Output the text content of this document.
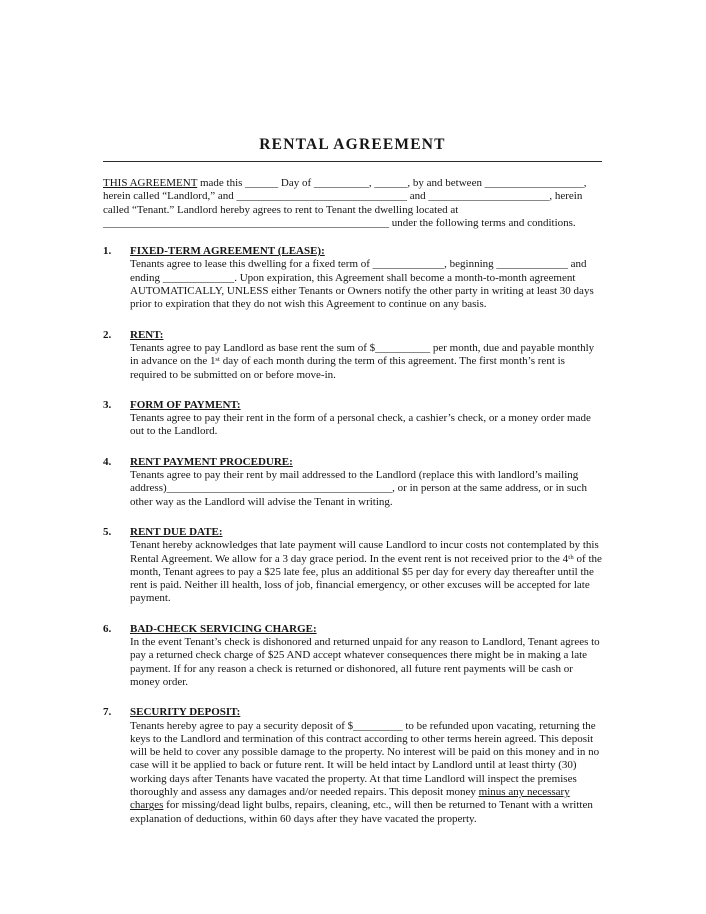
RENTAL AGREEMENT

THIS AGREEMENT made this ______ Day of __________, ______, by and between __________________, herein called “Landlord,” and _______________________________ and ______________________, herein called “Tenant.” Landlord hereby agrees to rent to Tenant the dwelling located at ____________________________________________________ under the following terms and conditions.

1.	FIXED-TERM AGREEMENT (LEASE):

Tenants agree to lease this dwelling for a fixed term of _____________, beginning _____________ and ending _____________. Upon expiration, this Agreement shall become a month-to-month agreement AUTOMATICALLY, UNLESS either Tenants or Owners notify the other party in writing at least 30 days prior to expiration that they do not wish this Agreement to continue on any basis.

2.	RENT:

Tenants agree to pay Landlord as base rent the sum of $__________ per month, due and payable monthly in advance on the 1ˢᵗ day of each month during the term of this agreement. The first month’s rent is required to be submitted on or before move-in.

3.	FORM OF PAYMENT:

Tenants agree to pay their rent in the form of a personal check, a cashier’s check, or a money order made out to the Landlord.

4.	RENT PAYMENT PROCEDURE:

Tenants agree to pay their rent by mail addressed to the Landlord (replace this with landlord’s mailing address)_________________________________________, or in person at the same address, or in such other way as the Landlord will advise the Tenant in writing.

5.	RENT DUE DATE:

Tenant hereby acknowledges that late payment will cause Landlord to incur costs not contemplated by this Rental Agreement. We allow for a 3 day grace period. In the event rent is not received prior to the 4ᵗʰ of the month, Tenant agrees to pay a $25 late fee, plus an additional $5 per day for every day thereafter until the rent is paid. Neither ill health, loss of job, financial emergency, or other excuses will be accepted for late payment.

6.	BAD-CHECK SERVICING CHARGE:

In the event Tenant’s check is dishonored and returned unpaid for any reason to Landlord, Tenant agrees to pay a returned check charge of $25 AND accept whatever consequences there might be in making a late payment. If for any reason a check is returned or dishonored, all future rent payments will be cash or money order.

7.	SECURITY DEPOSIT:

Tenants hereby agree to pay a security deposit of $_________ to be refunded upon vacating, returning the keys to the Landlord and termination of this contract according to other terms herein agreed. This deposit will be held to cover any possible damage to the property. No interest will be paid on this money and in no case will it be applied to back or future rent. It will be held intact by Landlord until at least thirty (30) working days after Tenants have vacated the property. At that time Landlord will inspect the premises thoroughly and assess any damages and/or needed repairs. This deposit money minus any necessary charges for missing/dead light bulbs, repairs, cleaning, etc., will then be returned to Tenant with a written explanation of deductions, within 60 days after they have vacated the property.
